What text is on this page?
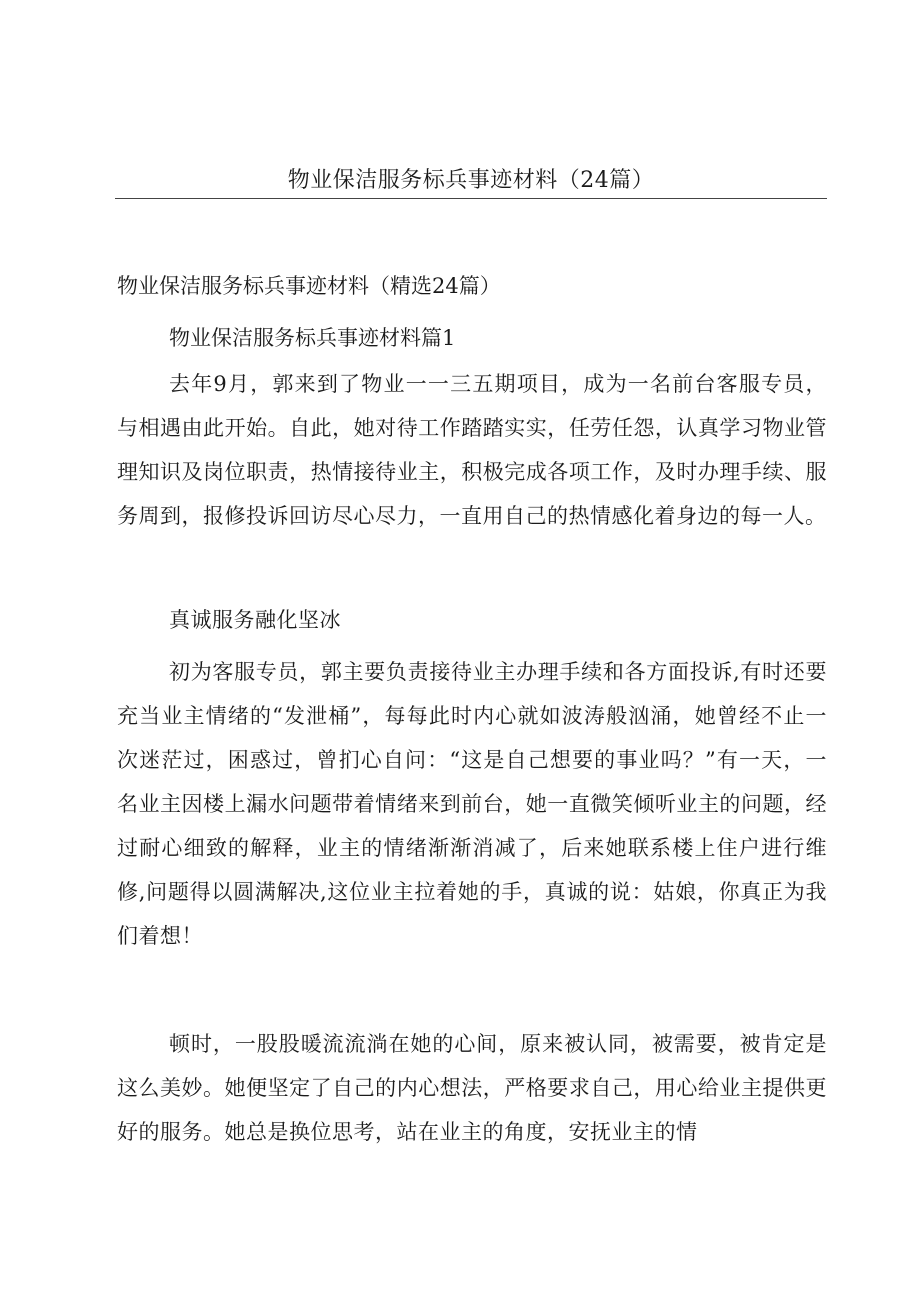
物业保洁服务标兵事迹材料（24篇）
物业保洁服务标兵事迹材料（精选24篇）
物业保洁服务标兵事迹材料篇1

去年9月，郭来到了物业一一三五期项目，成为一名前台客服专员，与相遇由此开始。自此，她对待工作踏踏实实，任劳任怨，认真学习物业管理知识及岗位职责，热情接待业主，积极完成各项工作，及时办理手续、服务周到，报修投诉回访尽心尽力，一直用自己的热情感化着身边的每一人。

真诚服务融化坚冰

初为客服专员，郭主要负责接待业主办理手续和各方面投诉,有时还要充当业主情绪的“发泄桶”，每每此时内心就如波涛般汹涌，她曾经不止一次迷茫过，困惑过，曾扪心自问：“这是自己想要的事业吗？”有一天，一名业主因楼上漏水问题带着情绪来到前台，她一直微笑倾听业主的问题，经过耐心细致的解释，业主的情绪渐渐消减了，后来她联系楼上住户进行维修,问题得以圆满解决,这位业主拉着她的手，真诚的说：姑娘，你真正为我们着想！

顿时，一股股暖流流淌在她的心间，原来被认同，被需要，被肯定是这么美妙。她便坚定了自己的内心想法，严格要求自己，用心给业主提供更好的服务。她总是换位思考，站在业主的角度，安抚业主的情
